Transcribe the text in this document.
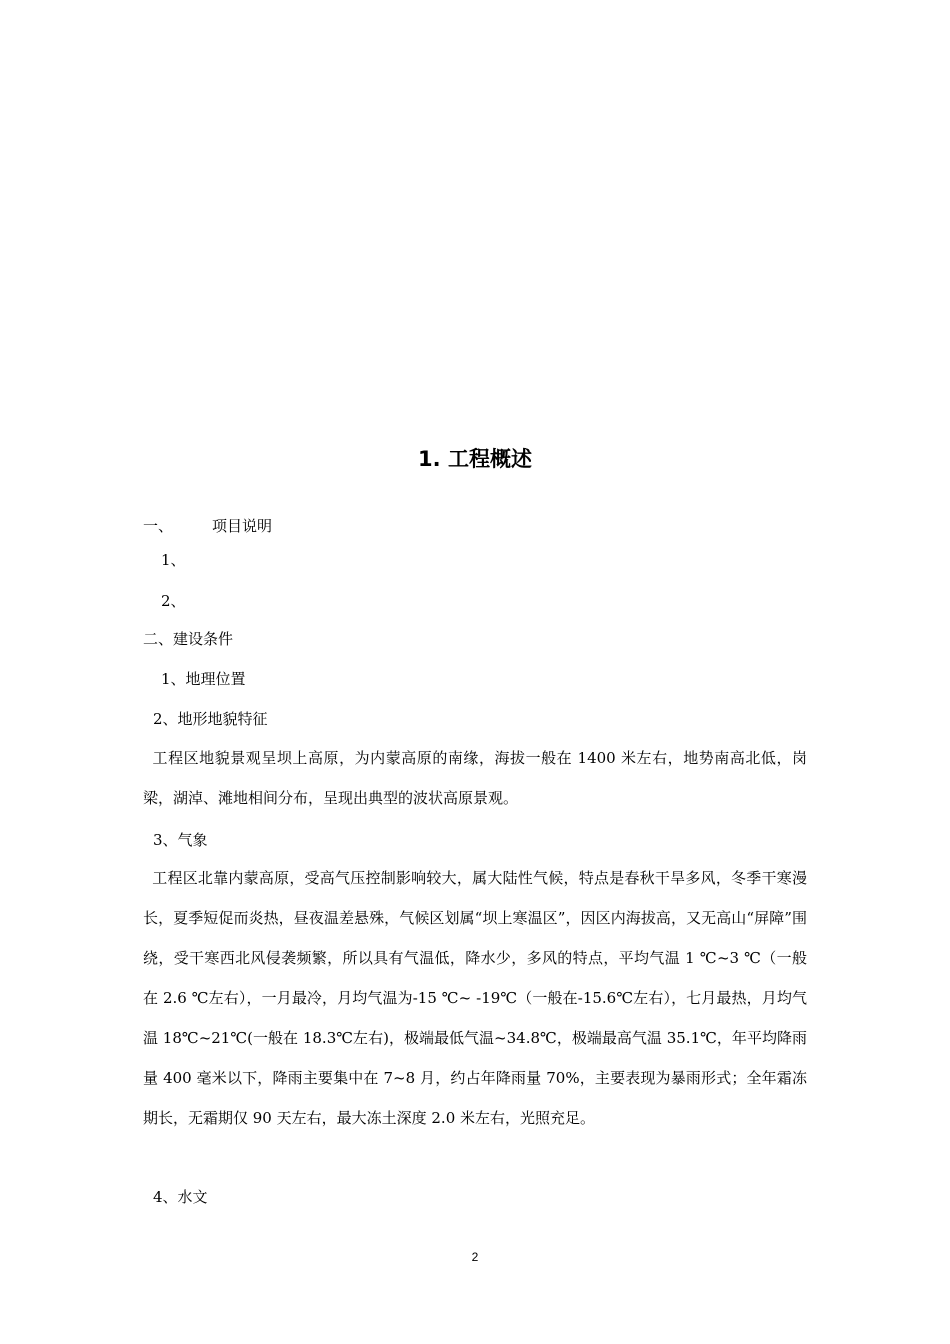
1. 工程概述
一、	项目说明
1、
2、
二、建设条件
1、地理位置
2、地形地貌特征
工程区地貌景观呈坝上高原，为内蒙高原的南缘，海拔一般在 1400 米左右，地势南高北低，岗梁，湖淖、滩地相间分布，呈现出典型的波状高原景观。
3、气象
工程区北靠内蒙高原，受高气压控制影响较大，属大陆性气候，特点是春秋干旱多风，冬季干寒漫长，夏季短促而炎热，昼夜温差悬殊，气候区划属“坝上寒温区”，因区内海拔高，又无高山“屏障”围绕，受干寒西北风侵袭频繁，所以具有气温低，降水少，多风的特点，平均气温 1 ℃~3 ℃（一般在 2.6 ℃左右），一月最冷，月均气温为-15 ℃~ -19℃（一般在-15.6℃左右），七月最热，月均气温 18℃~21℃(一般在 18.3℃左右)，极端最低气温~34.8℃，极端最高气温 35.1℃，年平均降雨量 400 毫米以下，降雨主要集中在 7~8 月，约占年降雨量 70%，主要表现为暴雨形式；全年霜冻期长，无霜期仅 90 天左右，最大冻土深度 2.0 米左右，光照充足。
4、水文
2
